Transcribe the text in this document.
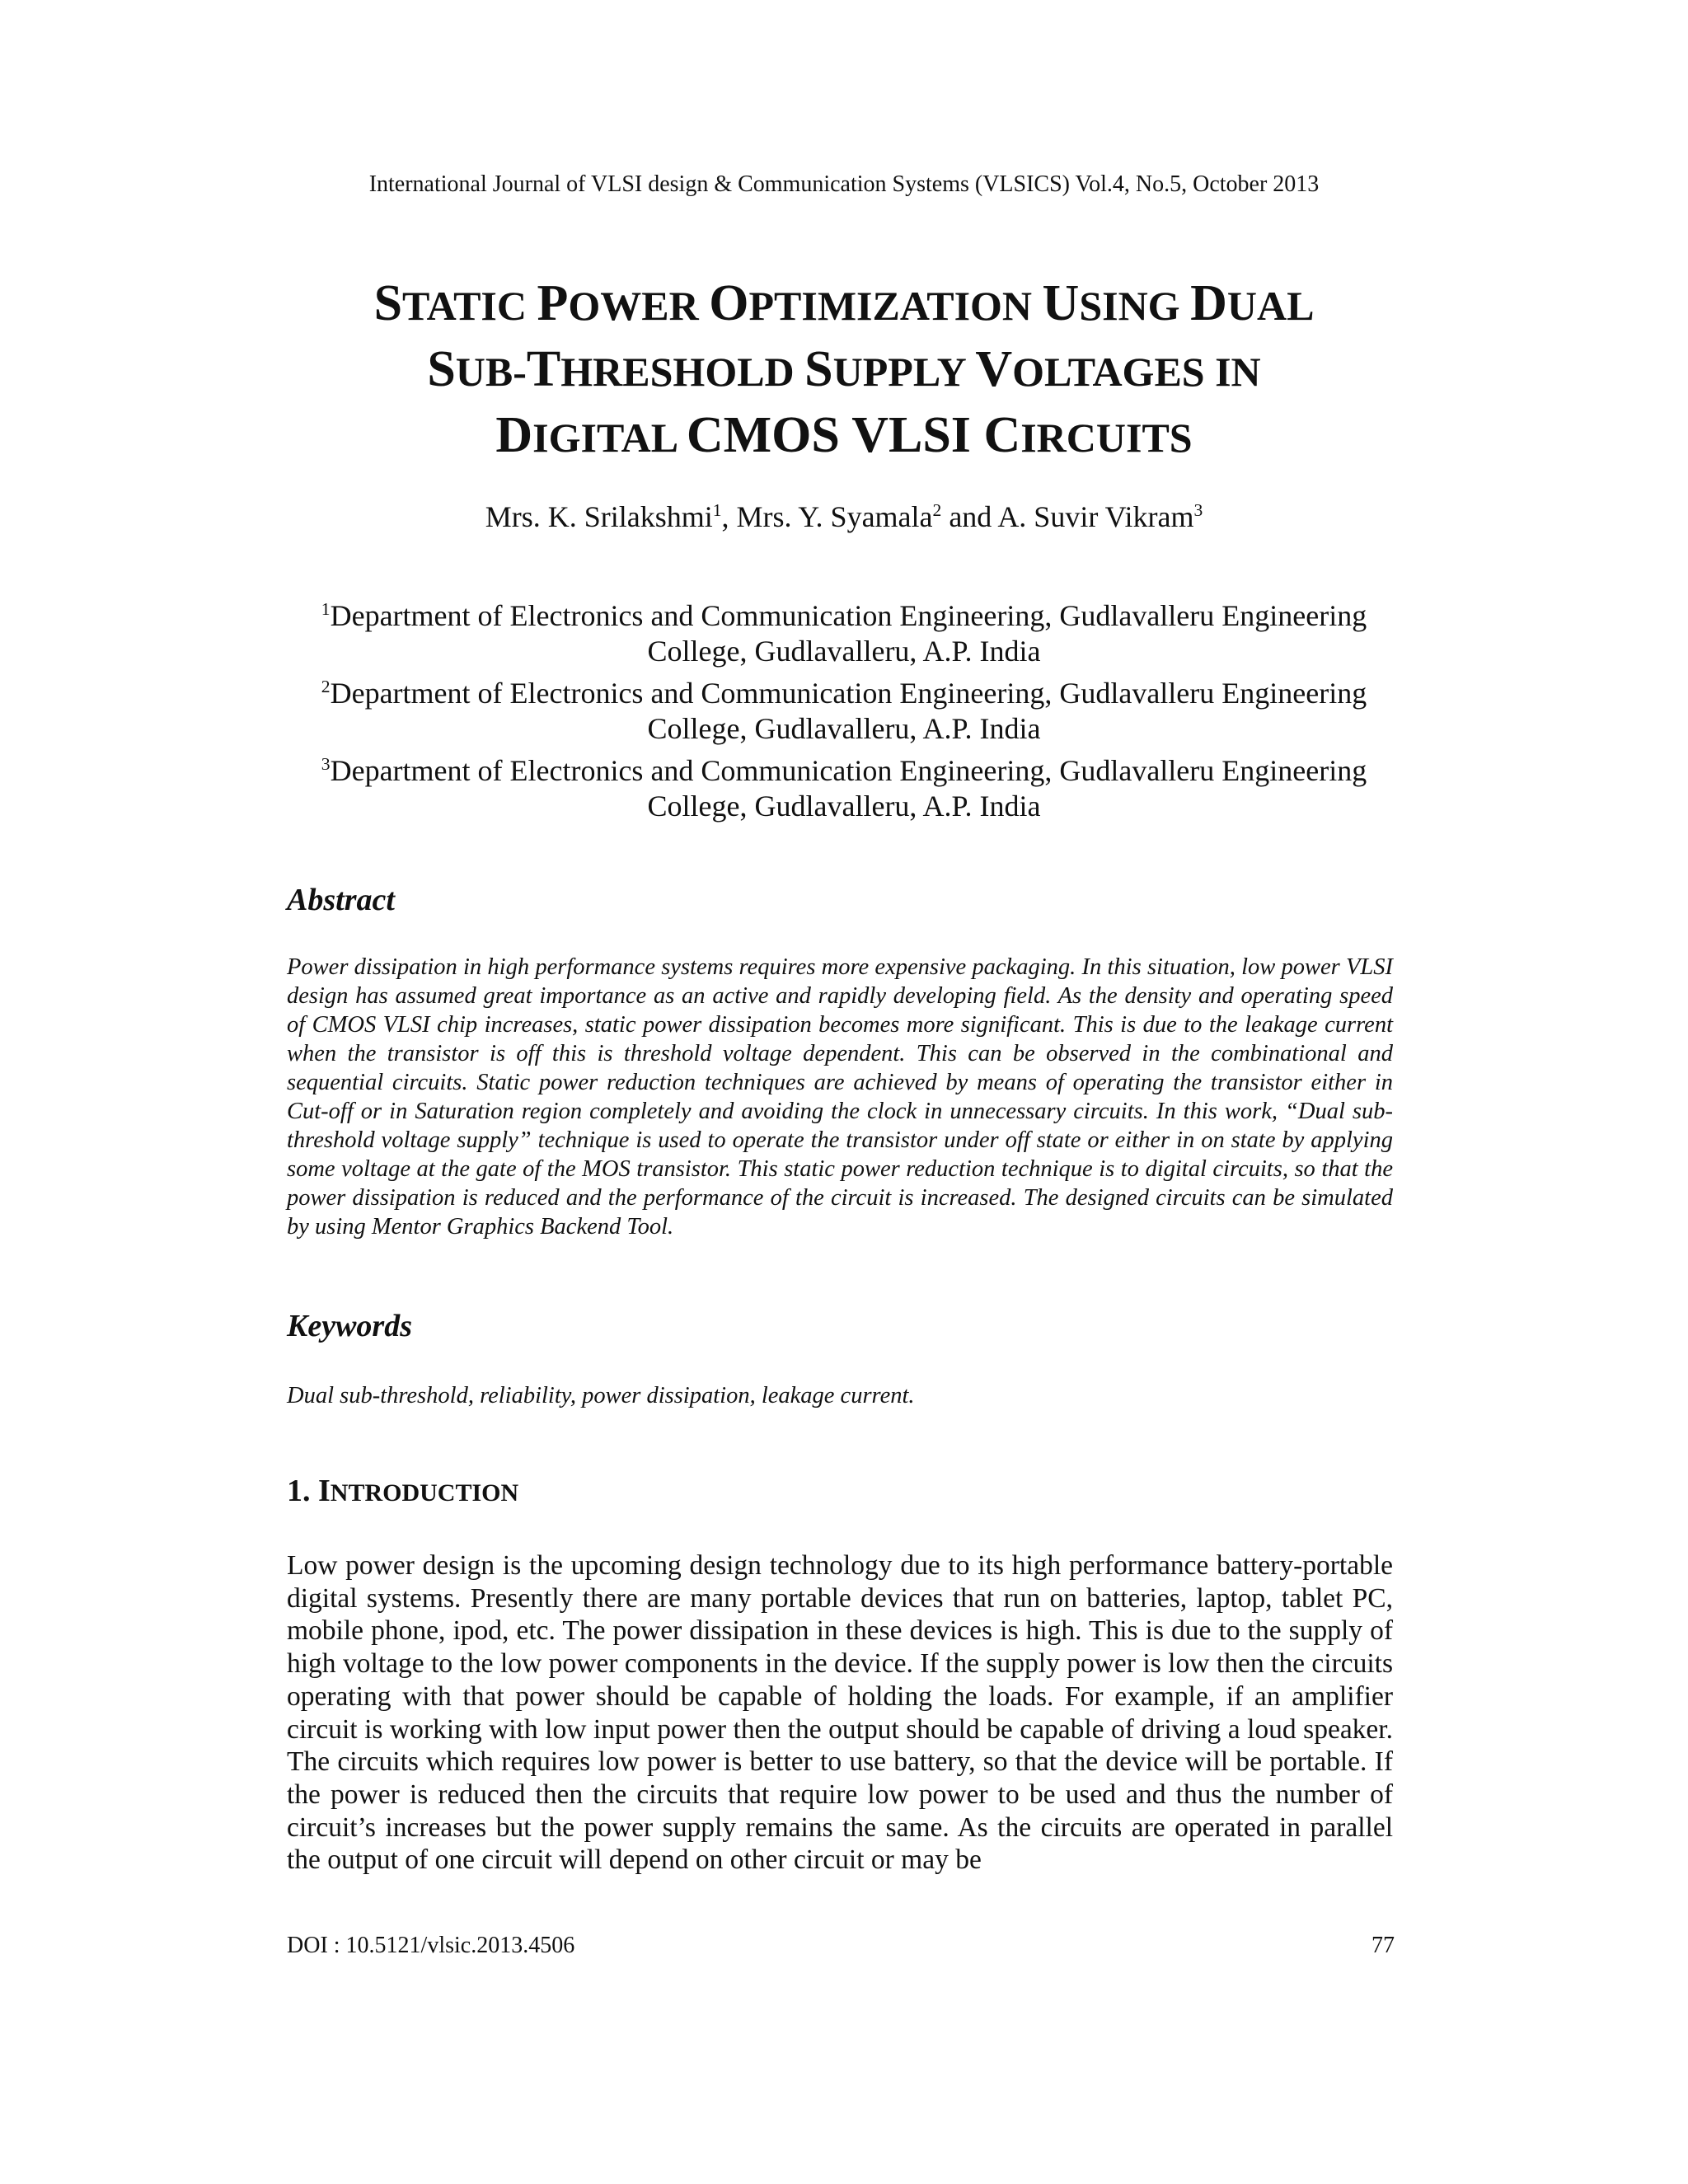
International Journal of VLSI design & Communication Systems (VLSICS) Vol.4, No.5, October 2013
STATIC POWER OPTIMIZATION USING DUAL
SUB-THRESHOLD SUPPLY VOLTAGES IN
DIGITAL CMOS VLSI CIRCUITS
Mrs. K. Srilakshmi$^1$, Mrs. Y. Syamala$^2$ and A. Suvir Vikram$^3$
$^1$Department of Electronics and Communication Engineering, Gudlavalleru Engineering College, Gudlavalleru, A.P. India
$^2$Department of Electronics and Communication Engineering, Gudlavalleru Engineering College, Gudlavalleru, A.P. India
$^3$Department of Electronics and Communication Engineering, Gudlavalleru Engineering College, Gudlavalleru, A.P. India
Abstract

Power dissipation in high performance systems requires more expensive packaging. In this situation, low power VLSI design has assumed great importance as an active and rapidly developing field. As the density and operating speed of CMOS VLSI chip increases, static power dissipation becomes more significant. This is due to the leakage current when the transistor is off this is threshold voltage dependent. This can be observed in the combinational and sequential circuits. Static power reduction techniques are achieved by means of operating the transistor either in Cut-off or in Saturation region completely and avoiding the clock in unnecessary circuits. In this work, “Dual sub-threshold voltage supply” technique is used to operate the transistor under off state or either in on state by applying some voltage at the gate of the MOS transistor. This static power reduction technique is to digital circuits, so that the power dissipation is reduced and the performance of the circuit is increased. The designed circuits can be simulated by using Mentor Graphics Backend Tool.

Keywords

Dual sub-threshold, reliability, power dissipation, leakage current.

1. INTRODUCTION

Low power design is the upcoming design technology due to its high performance battery-portable digital systems. Presently there are many portable devices that run on batteries, laptop, tablet PC, mobile phone, ipod, etc. The power dissipation in these devices is high. This is due to the supply of high voltage to the low power components in the device. If the supply power is low then the circuits operating with that power should be capable of holding the loads. For example, if an amplifier circuit is working with low input power then the output should be capable of driving a loud speaker. The circuits which requires low power is better to use battery, so that the device will be portable. If the power is reduced then the circuits that require low power to be used and thus the number of circuit’s increases but the power supply remains the same. As the circuits are operated in parallel the output of one circuit will depend on other circuit or may be

DOI : 10.5121/vlsic.2013.4506	77
